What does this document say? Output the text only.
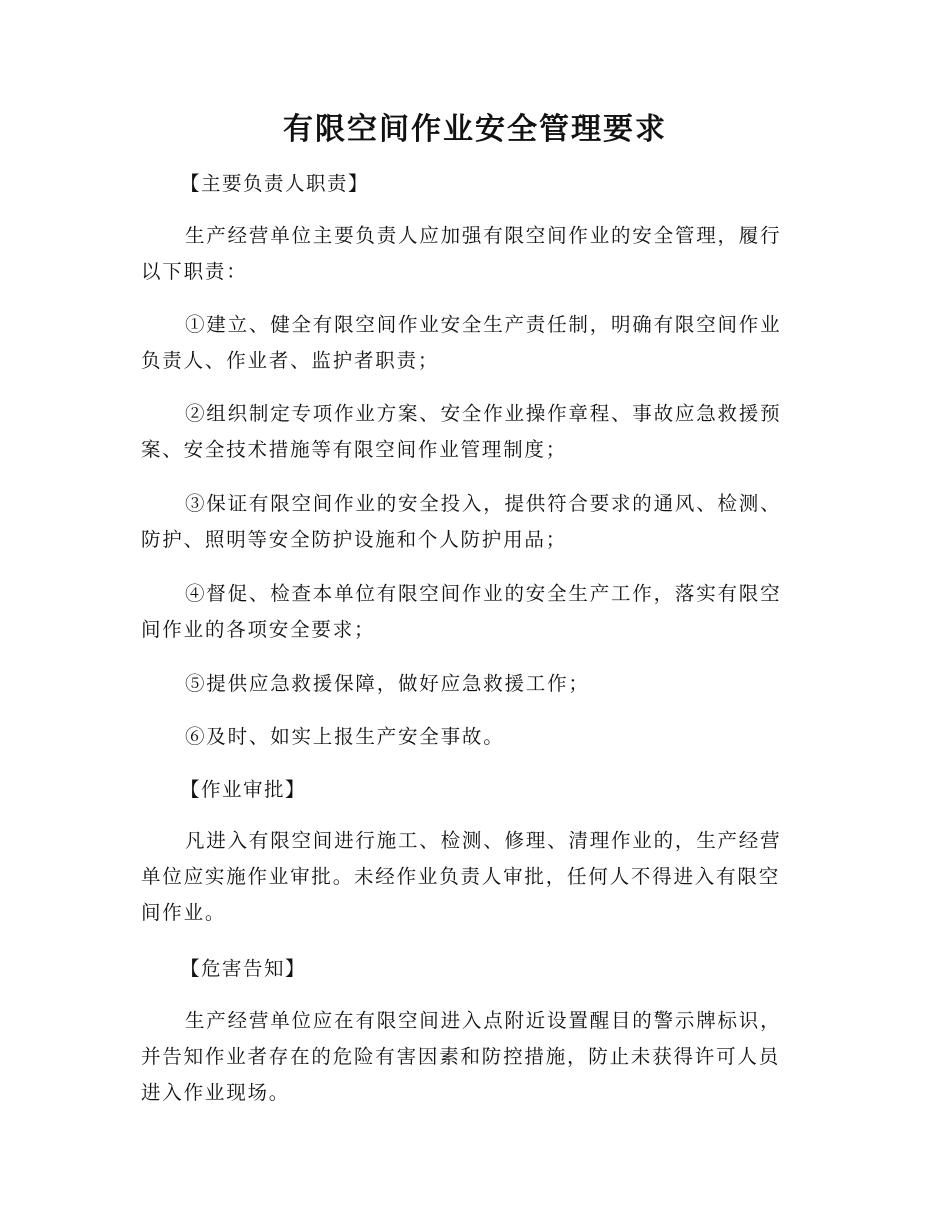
有限空间作业安全管理要求

【主要负责人职责】

生产经营单位主要负责人应加强有限空间作业的安全管理，履行以下职责：

①建立、健全有限空间作业安全生产责任制，明确有限空间作业负责人、作业者、监护者职责；

②组织制定专项作业方案、安全作业操作章程、事故应急救援预案、安全技术措施等有限空间作业管理制度；

③保证有限空间作业的安全投入，提供符合要求的通风、检测、防护、照明等安全防护设施和个人防护用品；

④督促、检查本单位有限空间作业的安全生产工作，落实有限空间作业的各项安全要求；

⑤提供应急救援保障，做好应急救援工作；

⑥及时、如实上报生产安全事故。

【作业审批】

凡进入有限空间进行施工、检测、修理、清理作业的，生产经营单位应实施作业审批。未经作业负责人审批，任何人不得进入有限空间作业。

【危害告知】

生产经营单位应在有限空间进入点附近设置醒目的警示牌标识，并告知作业者存在的危险有害因素和防控措施，防止未获得许可人员进入作业现场。
